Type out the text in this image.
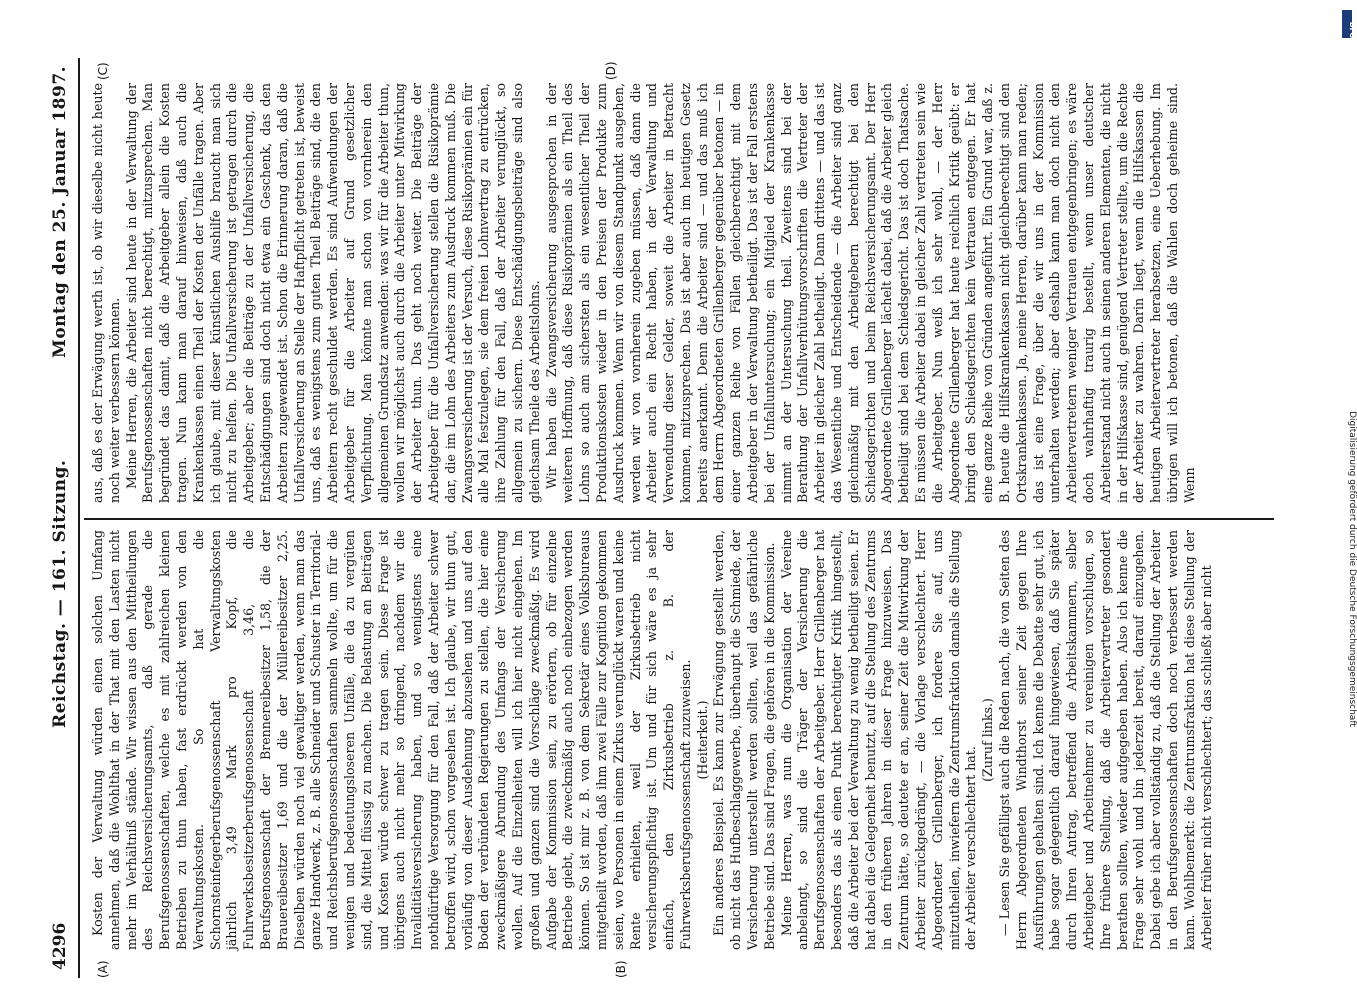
4296
Reichstag. — 161. Sitzung.
Montag den 25. Januar 1897.
(A)	(B)
(C)	(D)

Kosten der Verwaltung würden einen solchen Umfang annehmen, daß die Wohlthat in der That mit den Lasten nicht mehr im Verhältniß stände. Wir wissen aus den Mittheilungen des Reichsversicherungsamts, daß gerade die Berufsgenossenschaften, welche es mit zahlreichen kleinen Betrieben zu thun haben, fast erdrückt werden von den Verwaltungskosten. So hat die Schornsteinfegerberufsgenossenschaft Verwaltungskosten jährlich 3,49 Mark pro Kopf, die Fuhrwerksbesitzerberufsgenossenschaft 3,46, die Berufsgenossenschaft der Brennereibesitzer 1,58, die der Brauereibesitzer 1,69 und die der Müllereibesitzer 2,25. Dieselben würden noch viel gewaltiger werden, wenn man das ganze Handwerk, z. B. alle Schneider und Schuster in Territorial- und Reichsberufsgenossenschaften sammeln wollte, um für die wenigen und bedeutungsloseren Unfälle, die da zu vergüten sind, die Mittel flüssig zu machen. Die Belastung an Beiträgen und Kosten würde schwer zu tragen sein. Diese Frage ist übrigens auch nicht mehr so dringend, nachdem wir die Invaliditätsversicherung haben, und so wenigstens eine nothdürftige Versorgung für den Fall, daß der Arbeiter schwer betroffen wird, schon vorgesehen ist. Ich glaube, wir thun gut, vorläufig von dieser Ausdehnung abzusehen und uns auf den Boden der verbündeten Regierungen zu stellen, die hier eine zweckmäßigere Abrundung des Umfangs der Versicherung wollen. Auf die Einzelheiten will ich hier nicht eingehen. Im großen und ganzen sind die Vorschläge zweckmäßig. Es wird Aufgabe der Kommission sein, zu erörtern, ob für einzelne Betriebe giebt, die zweckmäßig auch noch einbezogen werden können. So ist mir z. B. von dem Sekretär eines Volksbureaus mitgetheilt worden, daß ihm zwei Fälle zur Kognition gekommen seien, wo Personen in einem Zirkus verunglückt waren und keine Rente erhielten, weil der Zirkusbetrieb nicht versicherungspflichtig ist. Um und für sich wäre es ja sehr einfach, den Zirkusbetrieb z. B. der Fuhrwerksberufsgenossenschaft zuzuweisen. (Heiterkeit.) Ein anderes Beispiel. Es kann zur Erwägung gestellt werden, ob nicht das Hufbeschlaggewerbe, überhaupt die Schmiede, der Versicherung unterstellt werden sollten, weil das gefährliche Betriebe sind. Das sind Fragen, die gehören in die Kommission. Meine Herren, was nun die Organisation der Vereine anbelangt, so sind die Träger der Versicherung die Berufsgenossenschaften der Arbeitgeber. Herr Grillenberger hat besonders das als einen Punkt berechtigter Kritik hingestellt, daß die Arbeiter bei der Verwaltung zu wenig betheiligt seien. Er hat dabei die Gelegenheit benutzt, auf die Stellung des Zentrums in den früheren Jahren in dieser Frage hinzuweisen. Das Zentrum hätte, so deutete er an, seiner Zeit die Mitwirkung der Arbeiter zurückgedrängt, — die Vorlage verschlechtert. Herr Abgeordneter Grillenberger, ich fordere Sie auf, uns mitzutheilen, inwiefern die Zentrumsfraktion damals die Stellung der Arbeiter verschlechtert hat.

(Zuruf links.) — Lesen Sie gefälligst auch die Reden nach, die von Seiten des Herrn Abgeordneten Windthorst seiner Zeit gegen Ihre Ausführungen gehalten sind. Ich kenne die Debatte sehr gut, ich habe sogar gelegentlich darauf hingewiesen, daß Sie später durch Ihren Antrag, betreffend die Arbeitskammern, selber Arbeitgeber und Arbeitnehmer zu vereinigen vorschlugen, so Ihre frühere Stellung, daß die Arbeitervertreter gesondert berathen sollten, wieder aufgegeben haben. Also ich kenne die Frage sehr wohl und bin jederzeit bereit, darauf einzugehen. Dabei gebe ich aber vollständig zu, daß die Stellung der Arbeiter in den Berufsgenossenschaften doch noch verbessert werden kann. Wohlbemerkt: die Zentrumsfraktion hat diese Stellung der Arbeiter früher nicht verschlechtert; das schließt aber nicht

aus, daß es der Erwägung werth ist, ob wir dieselbe nicht heute noch weiter verbessern können. Meine Herren, die Arbeiter sind heute in der Verwaltung der Berufsgenossenschaften nicht berechtigt, mitzusprechen. Man begründet das damit, daß die Arbeitgeber allein die Kosten tragen. Nun kann man darauf hinweisen, daß auch die Krankenkassen einen Theil der Kosten der Unfälle tragen. Aber ich glaube, mit dieser künstlichen Aushilfe braucht man sich nicht zu helfen. Die Unfallversicherung ist getragen durch die Arbeitgeber; aber die Beiträge zu der Unfallversicherung, die Entschädigungen sind doch nicht etwa ein Geschenk, das den Arbeitern zugewendet ist. Schon die Erinnerung daran, daß die Unfallversicherung an Stelle der Haftpflicht getreten ist, beweist uns, daß es wenigstens zum guten Theil Beiträge sind, die den Arbeitern recht geschuldet werden. Es sind Aufwendungen der Arbeitgeber für die Arbeiter auf Grund gesetzlicher Verpflichtung. Man könnte man schon von vornherein den allgemeinen Grundsatz anwenden: was wir für die Arbeiter thun, wollen wir möglichst auch durch die Arbeiter unter Mitwirkung der Arbeiter thun. Das geht noch weiter. Die Beiträge der Arbeitgeber für die Unfallversicherung stellen die Risikoprämie dar, die im Lohn des Arbeiters zum Ausdruck kommen muß. Die Zwangsversicherung ist der Versuch, diese Risikoprämien ein für alle Mal festzulegen, sie dem freien Lohnvertrag zu entrücken, ihre Zahlung für den Fall, daß der Arbeiter verunglückt, so allgemein zu sichern. Diese Entschädigungsbeiträge sind also gleichsam Theile des Arbeitslohns. Wir haben die Zwangsversicherung ausgesprochen in der weiteren Hoffnung, daß diese Risikoprämien als ein Theil des Lohns so auch am sichersten als ein wesentlicher Theil der Produktionskosten wieder in den Preisen der Produkte zum Ausdruck kommen. Wenn wir von diesem Standpunkt ausgehen, werden wir von vornherein zugeben müssen, daß dann die Arbeiter auch ein Recht haben, in der Verwaltung und Verwendung dieser Gelder, soweit die Arbeiter in Betracht kommen, mitzusprechen. Das ist aber auch im heutigen Gesetz bereits anerkannt. Denn die Arbeiter sind — und das muß ich dem Herrn Abgeordneten Grillenberger gegenüber betonen — in einer ganzen Reihe von Fällen gleichberechtigt mit dem Arbeitgeber in der Verwaltung betheiligt. Das ist der Fall erstens bei der Unfalluntersuchung; ein Mitglied der Krankenkasse nimmt an der Untersuchung theil. Zweitens sind bei der Berathung der Unfallverhütungsvorschriften die Vertreter der Arbeiter in gleicher Zahl betheiligt. Dann drittens — und das ist das Wesentliche und Entscheidende — die Arbeiter sind ganz gleichmäßig mit den Arbeitgebern berechtigt bei den Schiedsgerichten und beim Reichsversicherungsamt. Der Herr Abgeordnete Grillenberger lächelt dabei, daß die Arbeiter gleich betheiligt sind bei dem Schiedsgericht. Das ist doch Thatsache. Es müssen die Arbeiter dabei in gleicher Zahl vertreten sein wie die Arbeitgeber. Nun weiß ich sehr wohl, — der Herr Abgeordnete Grillenberger hat heute reichlich Kritik geübt: er bringt den Schiedsgerichten kein Vertrauen entgegen. Er hat eine ganze Reihe von Gründen angeführt. Ein Grund war, daß z. B. heute die Hilfskrankenkassen nicht gleichberechtigt sind den Ortskrankenkassen. Ja, meine Herren, darüber kann man reden; das ist eine Frage, über die wir uns in der Kommission unterhalten werden; aber deshalb kann man doch nicht den Arbeitervertretern weniger Vertrauen entgegenbringen; es wäre doch wahrhaftig traurig bestellt, wenn unser deutscher Arbeiterstand nicht auch in seinen anderen Elementen, die nicht in der Hilfskasse sind, genügend Vertreter stellte, um die Rechte der Arbeiter zu wahren. Darin liegt, wenn die Hilfskassen die heutigen Arbeitervertreter herabsetzen, eine Ueberhebung. Im übrigen will ich betonen, daß die Wahlen doch geheime sind. Wenn

DFG
Digitalisierung gefördert durch die Deutsche Forschungsgemeinschaft
